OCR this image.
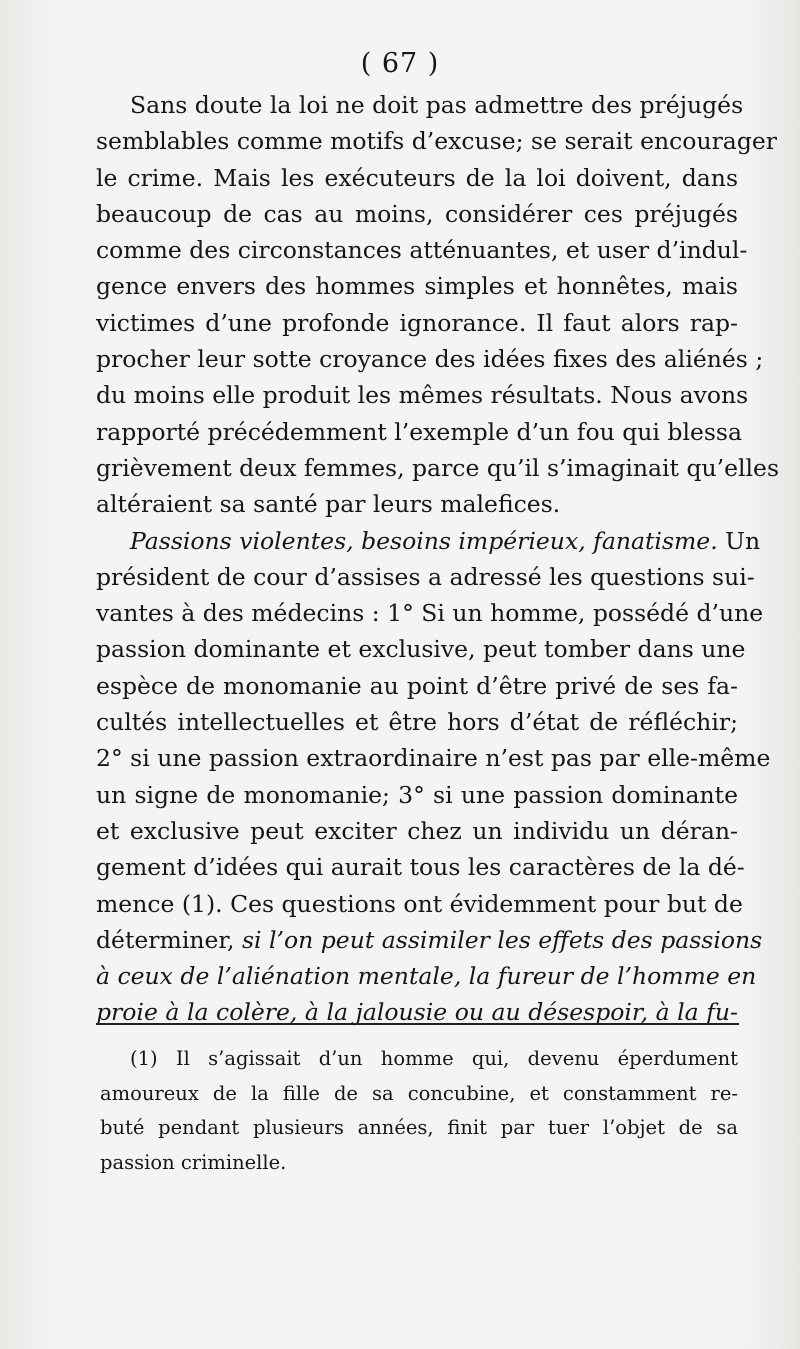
( 67 )
Sans doute la loi ne doit pas admettre des préjugés
semblables comme motifs d’excuse; se serait encourager
le crime. Mais les exécuteurs de la loi doivent, dans
beaucoup de cas au moins, considérer ces préjugés
comme des circonstances atténuantes, et user d’indul-
gence envers des hommes simples et honnêtes, mais
victimes d’une profonde ignorance. Il faut alors rap-
procher leur sotte croyance des idées fixes des aliénés ;
du moins elle produit les mêmes résultats. Nous avons
rapporté précédemment l’exemple d’un fou qui blessa
grièvement deux femmes, parce qu’il s’imaginait qu’elles
altéraient sa santé par leurs malefices.
Passions violentes, besoins impérieux, fanatisme. Un
président de cour d’assises a adressé les questions sui-
vantes à des médecins : 1° Si un homme, possédé d’une
passion dominante et exclusive, peut tomber dans une
espèce de monomanie au point d’être privé de ses fa-
cultés intellectuelles et être hors d’état de réfléchir;
2° si une passion extraordinaire n’est pas par elle-même
un signe de monomanie; 3° si une passion dominante
et exclusive peut exciter chez un individu un déran-
gement d’idées qui aurait tous les caractères de la dé-
mence (1). Ces questions ont évidemment pour but de
déterminer, si l’on peut assimiler les effets des passions
à ceux de l’aliénation mentale, la fureur de l’homme en
proie à la colère, à la jalousie ou au désespoir, à la fu-
(1) Il s’agissait d’un homme qui, devenu éperdument
amoureux de la fille de sa concubine, et constamment re-
buté pendant plusieurs années, finit par tuer l’objet de sa
passion criminelle.
